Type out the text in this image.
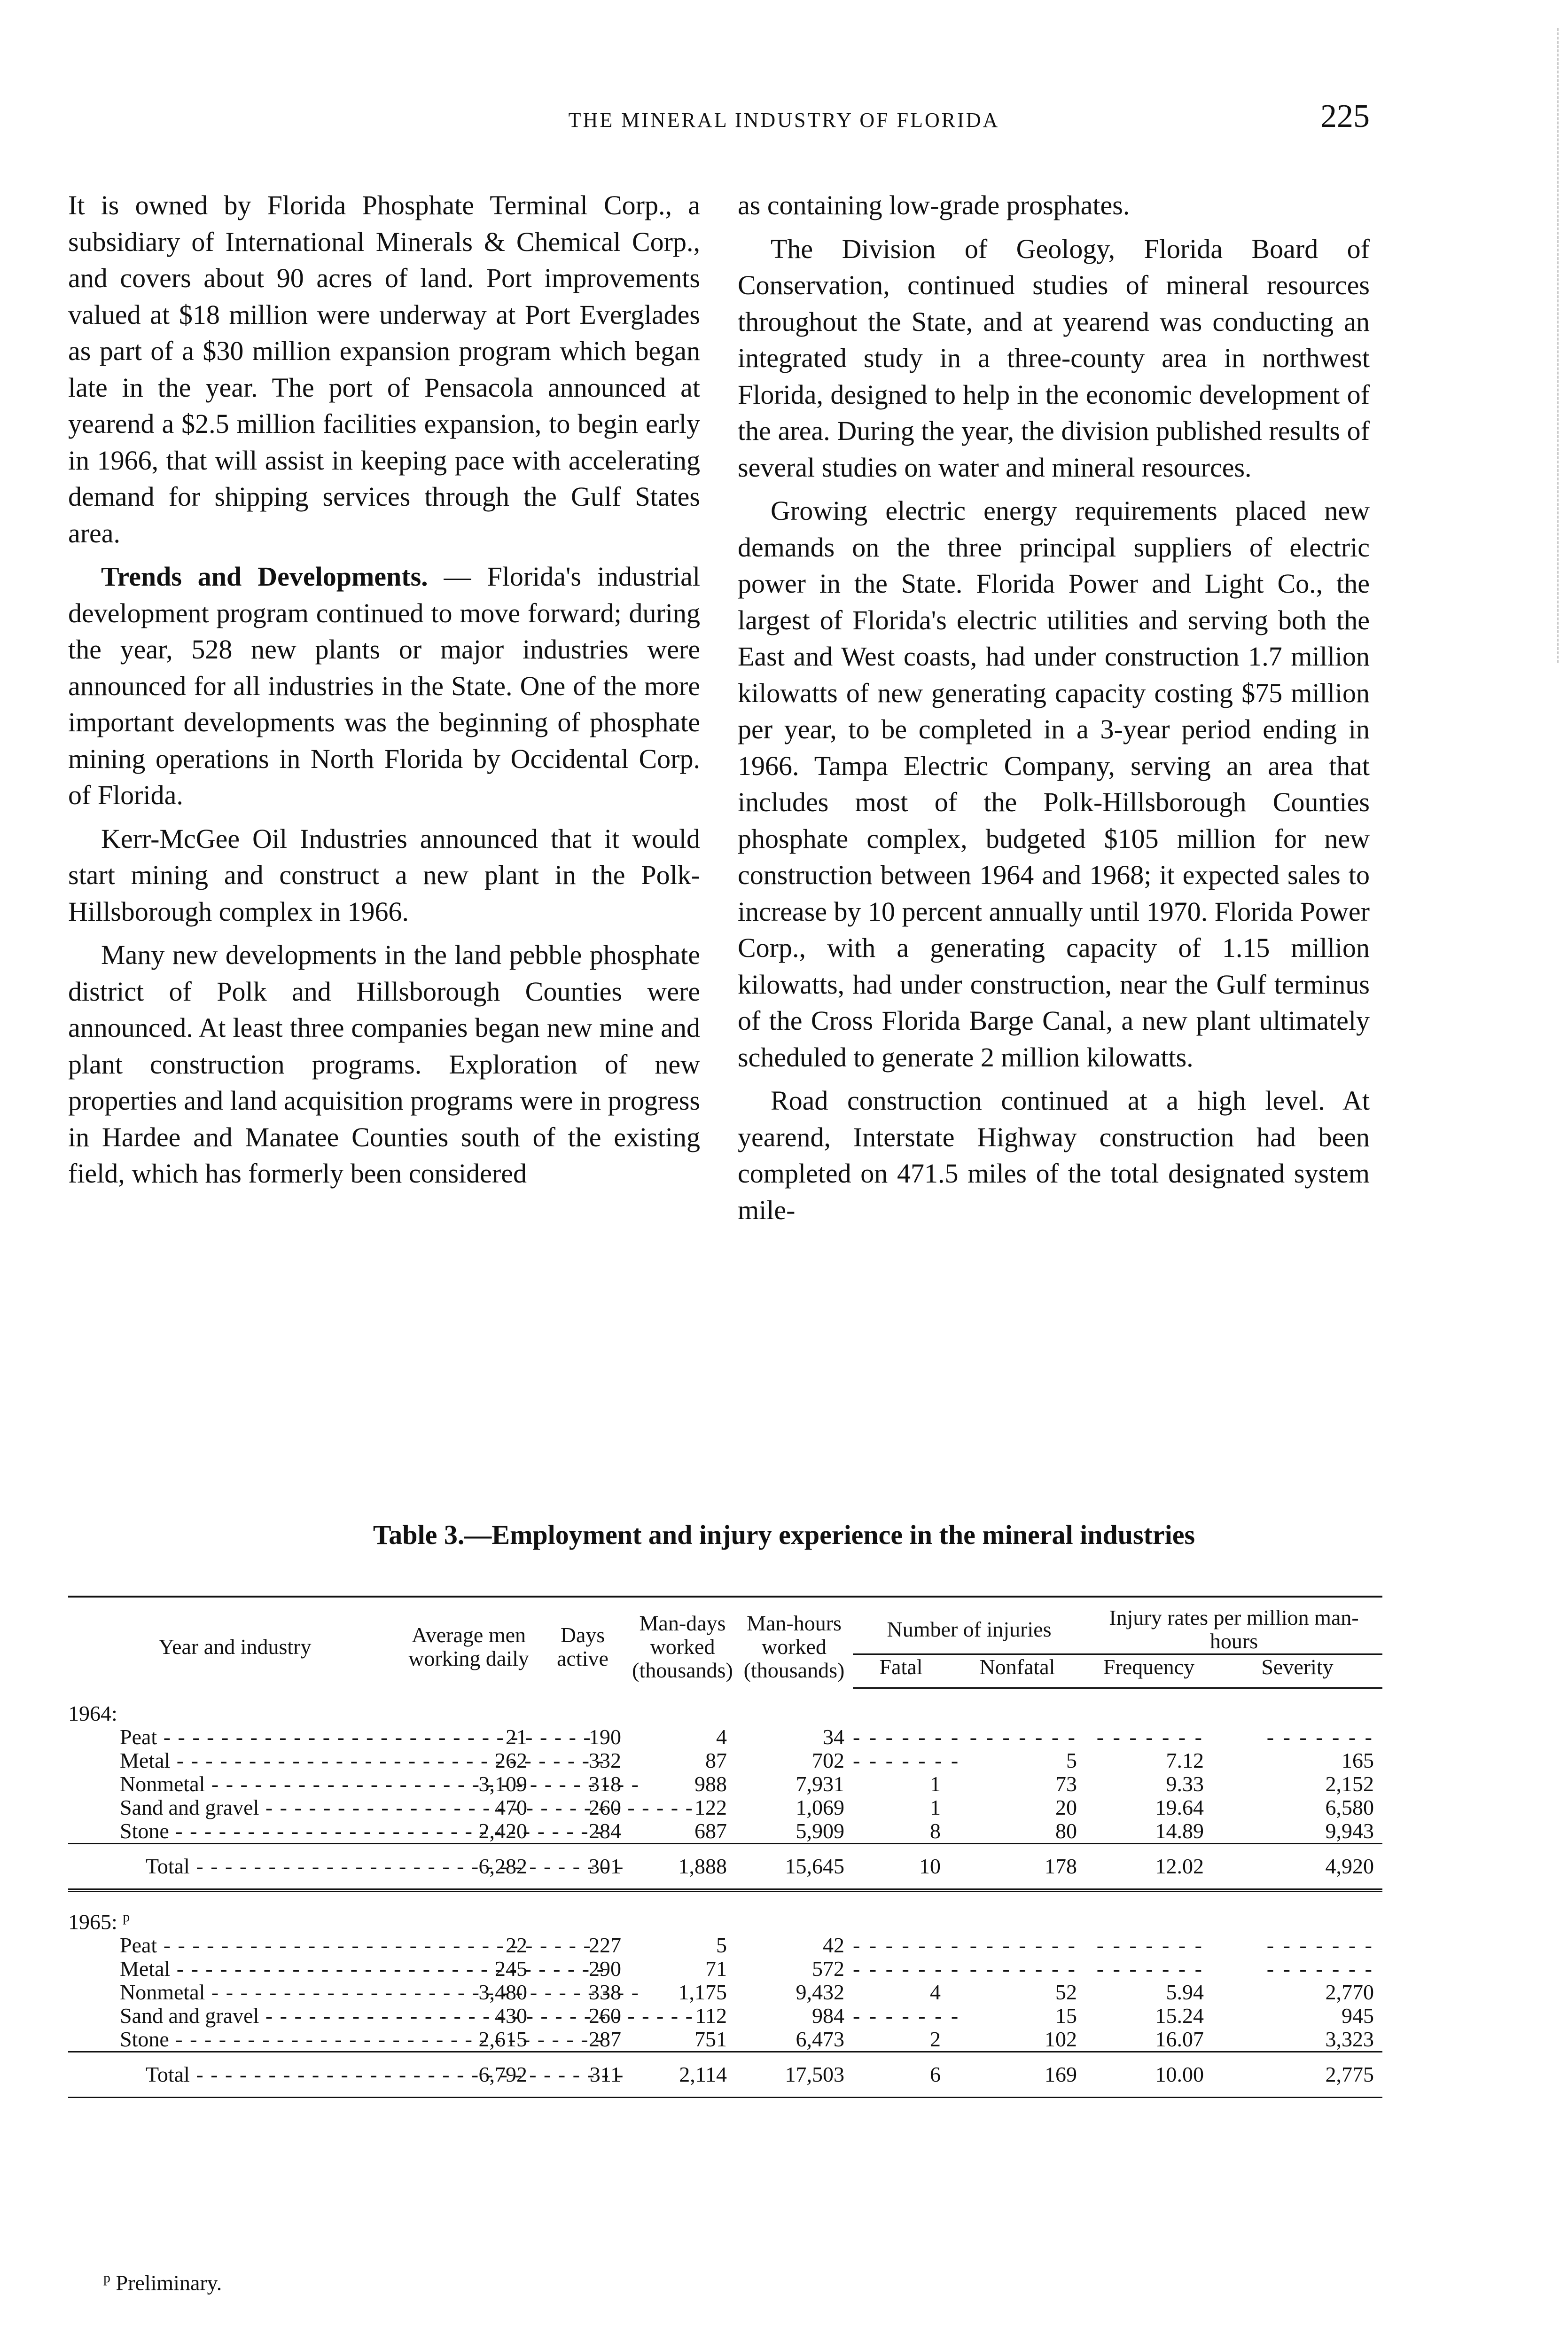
THE MINERAL INDUSTRY OF FLORIDA	225

It is owned by Florida Phosphate Terminal Corp., a subsidiary of International Minerals & Chemical Corp., and covers about 90 acres of land. Port improvements valued at $18 million were underway at Port Everglades as part of a $30 million expansion program which began late in the year. The port of Pensacola announced at yearend a $2.5 million facilities expansion, to begin early in 1966, that will assist in keeping pace with accelerating demand for shipping services through the Gulf States area.

Trends and Developments. — Florida's industrial development program continued to move forward; during the year, 528 new plants or major industries were announced for all industries in the State. One of the more important developments was the beginning of phosphate mining operations in North Florida by Occidental Corp. of Florida.

Kerr-McGee Oil Industries announced that it would start mining and construct a new plant in the Polk-Hillsborough complex in 1966.

Many new developments in the land pebble phosphate district of Polk and Hillsborough Counties were announced. At least three companies began new mine and plant construction programs. Exploration of new properties and land acquisition programs were in progress in Hardee and Manatee Counties south of the existing field, which has formerly been considered

as containing low-grade prosphates.

The Division of Geology, Florida Board of Conservation, continued studies of mineral resources throughout the State, and at yearend was conducting an integrated study in a three-county area in northwest Florida, designed to help in the economic development of the area. During the year, the division published results of several studies on water and mineral resources.

Growing electric energy requirements placed new demands on the three principal suppliers of electric power in the State. Florida Power and Light Co., the largest of Florida's electric utilities and serving both the East and West coasts, had under construction 1.7 million kilowatts of new generating capacity costing $75 million per year, to be completed in a 3-year period ending in 1966. Tampa Electric Company, serving an area that includes most of the Polk-Hillsborough Counties phosphate complex, budgeted $105 million for new construction between 1964 and 1968; it expected sales to increase by 10 percent annually until 1970. Florida Power Corp., with a generating capacity of 1.15 million kilowatts, had under construction, near the Gulf terminus of the Cross Florida Barge Canal, a new plant ultimately scheduled to generate 2 million kilowatts.

Road construction continued at a high level. At yearend, Interstate Highway construction had been completed on 471.5 miles of the total designated system mile-

Table 3.—Employment and injury experience in the mineral industries
Year and industry	Average men working daily	Days active	Man-days worked (thousands)	Man-hours worked (thousands)	Number of injuries		Injury rates per million man-hours	
					Fatal	Nonfatal	Frequency	Severity
1964:								
Peat - - -	21	190	4	34	- - - - - - -	- - - - - - -	- - - - - - -	- - - - - - -
Metal - - -	262	332	87	702	- - - - - - -	5	7.12	165
Nonmetal - - -	3,109	318	988	7,931	1	73	9.33	2,152
Sand and gravel - - -	470	260	122	1,069	1	20	19.64	6,580
Stone - - -	2,420	284	687	5,909	8	80	14.89	9,943

Total - - -	6,282	301	1,888	15,645	10	178	12.02	4,920

1965: $^p$
Peat - - -	22	227	5	42	- - - - - - -	- - - - - - -	- - - - - - -	- - - - - - -
Metal - - -	245	290	71	572	- - - - - - -	- - - - - - -	- - - - - - -	- - - - - - -
Nonmetal - - -	3,480	338	1,175	9,432	4	52	5.94	2,770
Sand and gravel - - -	430	260	112	984	- - - - - - -	15	15.24	945
Stone - - -	2,615	287	751	6,473	2	102	16.07	3,323

Total - - -	6,792	311	2,114	17,503	6	169	10.00	2,775

$^p$ Preliminary.
